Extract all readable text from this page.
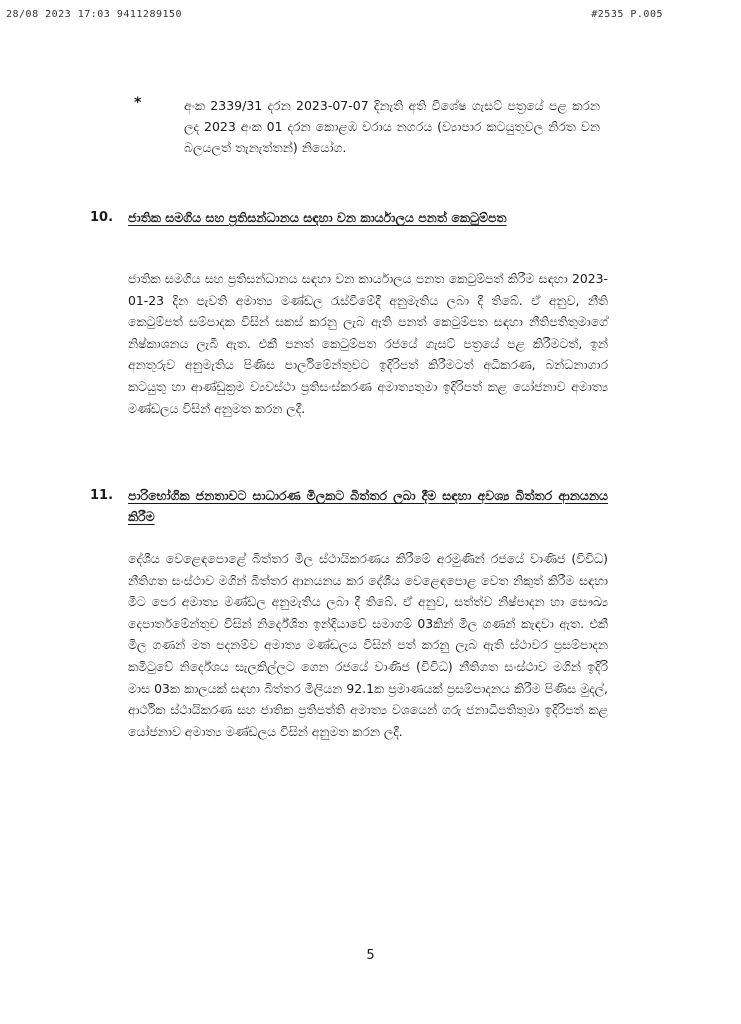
28/08 2023 17:03 9411289150	#2535 P.005
*	අංක 2339/31 දරන 2023-07-07 දිනැති අති විශේෂ ගැසට් පත්‍රයේ පළ කරන ලද 2023 අංක 01 දරන කොළඹ වරාය නගරය (ව්‍යාපාර කටයුතුවල නිරත වන බලයලත් තැනැත්තන්) නියෝග.
10. ජාතික සමගිය සහ ප්‍රතිසන්ධානය සඳහා වන කාර්යාලය පනත් කෙටුම්පත
ජාතික සමගිය සහ ප්‍රතිසන්ධානය සඳහා වන කාර්යාලය පනත කෙටුම්පත් කිරීම සඳහා 2023-01-23 දින පැවති අමාත්‍ය මණ්ඩල රැස්වීමේදී අනුමැතිය ලබා දී තිබේ. ඒ අනුව, නීති කෙටුම්පත් සම්පාදක විසින් සකස් කරනු ලැබ ඇති පනත් කෙටුම්පත සඳහා නීතිපතිතුමාගේ නිෂ්කාශනය ලැබී ඇත. එකී පනත් කෙටුම්පත රජයේ ගැසට් පත්‍රයේ පළ කිරීමටත්, ඉන් අනතුරුව අනුමැතිය පිණිස පාර්ලිමේන්තුවට ඉදිරිපත් කිරීමටත් අධිකරණ, බන්ධනාගාර කටයුතු හා ආණ්ඩුක්‍රම ව්‍යවස්ථා ප්‍රතිසංස්කරණ අමාත්‍යතුමා ඉදිරිපත් කළ යෝජනාව අමාත්‍ය මණ්ඩලය විසින් අනුමත කරන ලදී.
11. පාරිභෝගික ජනතාවට සාධාරණ මිලකට බිත්තර ලබා දීම සඳහා අවශ්‍ය බිත්තර ආනයනය කිරීම
දේශීය වෙළෙඳපොළේ බිත්තර මිල ස්ථායිකරණය කිරීමේ අරමුණින් රජයේ වාණිජ (විවිධ) නීතිගත සංස්ථාව මගින් බිත්තර ආනයනය කර දේශීය වෙළෙඳපොළ වෙත නිකුත් කිරීම සඳහා මීට පෙර අමාත්‍ය මණ්ඩල අනුමැතිය ලබා දී තිබේ. ඒ අනුව, සත්ත්ව නිෂ්පාදන හා සෞඛ්‍ය දෙපාර්තමේන්තුව විසින් නිර්දේශිත ඉන්දියාවේ සමාගම් 03කින් මිල ගණන් කැඳවා ඇත. එකී මිල ගණන් මත පදනම්ව අමාත්‍ය මණ්ඩලය විසින් පත් කරනු ලැබ ඇති ස්ථාවර ප්‍රසම්පාදන කමිටුවේ නිර්දේශය සැලකිල්ලට ගෙන රජයේ වාණිජ (විවිධ) නීතිගත සංස්ථාව මගින් ඉදිරි මාස 03ක කාලයක් සඳහා බිත්තර මිලියන 92.1ක ප්‍රමාණයක් ප්‍රසම්පාදනය කිරීම පිණිස මුදල්, ආර්ථික ස්ථායිකරණ සහ ජාතික ප්‍රතිපත්ති අමාත්‍ය වශයෙන් ගරු ජනාධිපතිතුමා ඉදිරිපත් කළ යෝජනාව අමාත්‍ය මණ්ඩලය විසින් අනුමත කරන ලදී.
5
